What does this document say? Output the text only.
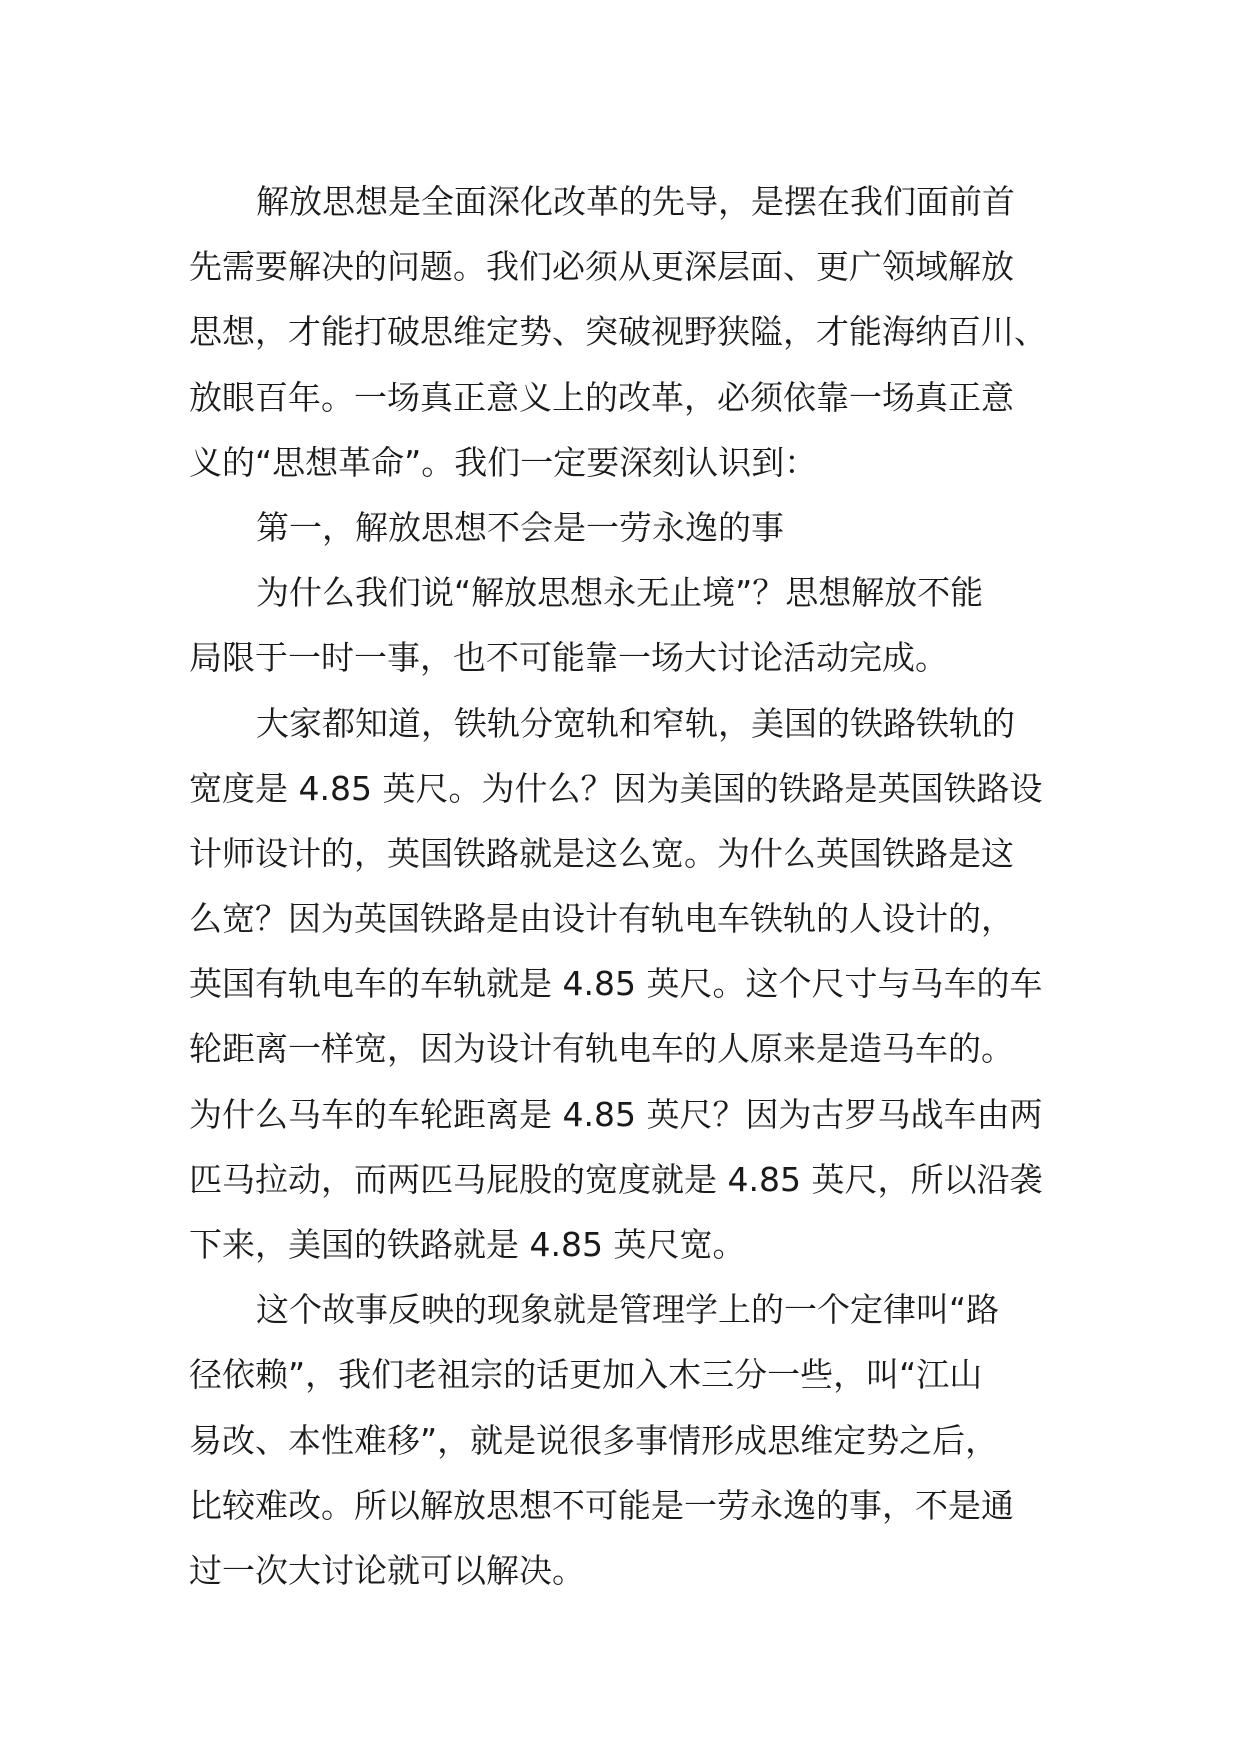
解放思想是全面深化改革的先导，是摆在我们面前首
先需要解决的问题。我们必须从更深层面、更广领域解放
思想，才能打破思维定势、突破视野狭隘，才能海纳百川、
放眼百年。一场真正意义上的改革，必须依靠一场真正意
义的“思想革命”。我们一定要深刻认识到：
第一，解放思想不会是一劳永逸的事
为什么我们说“解放思想永无止境”？思想解放不能
局限于一时一事，也不可能靠一场大讨论活动完成。
大家都知道，铁轨分宽轨和窄轨，美国的铁路铁轨的
宽度是 4.85 英尺。为什么？因为美国的铁路是英国铁路设
计师设计的，英国铁路就是这么宽。为什么英国铁路是这
么宽？因为英国铁路是由设计有轨电车铁轨的人设计的，
英国有轨电车的车轨就是 4.85 英尺。这个尺寸与马车的车
轮距离一样宽，因为设计有轨电车的人原来是造马车的。
为什么马车的车轮距离是 4.85 英尺？因为古罗马战车由两
匹马拉动，而两匹马屁股的宽度就是 4.85 英尺，所以沿袭
下来，美国的铁路就是 4.85 英尺宽。
这个故事反映的现象就是管理学上的一个定律叫“路
径依赖”，我们老祖宗的话更加入木三分一些，叫“江山
易改、本性难移”，就是说很多事情形成思维定势之后，
比较难改。所以解放思想不可能是一劳永逸的事，不是通
过一次大讨论就可以解决。
